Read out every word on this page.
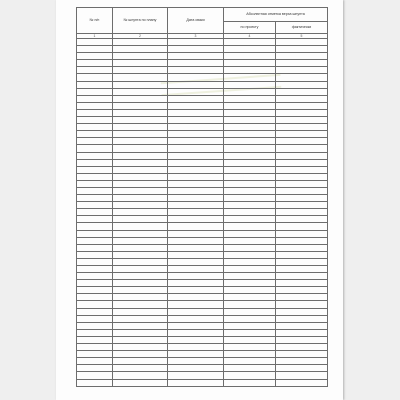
№ п/п	№ шпунта по плану	Дата сваки	Абсолютная отметка верха шпунта	
			по проекту	фактически
1	2	3	4	5
